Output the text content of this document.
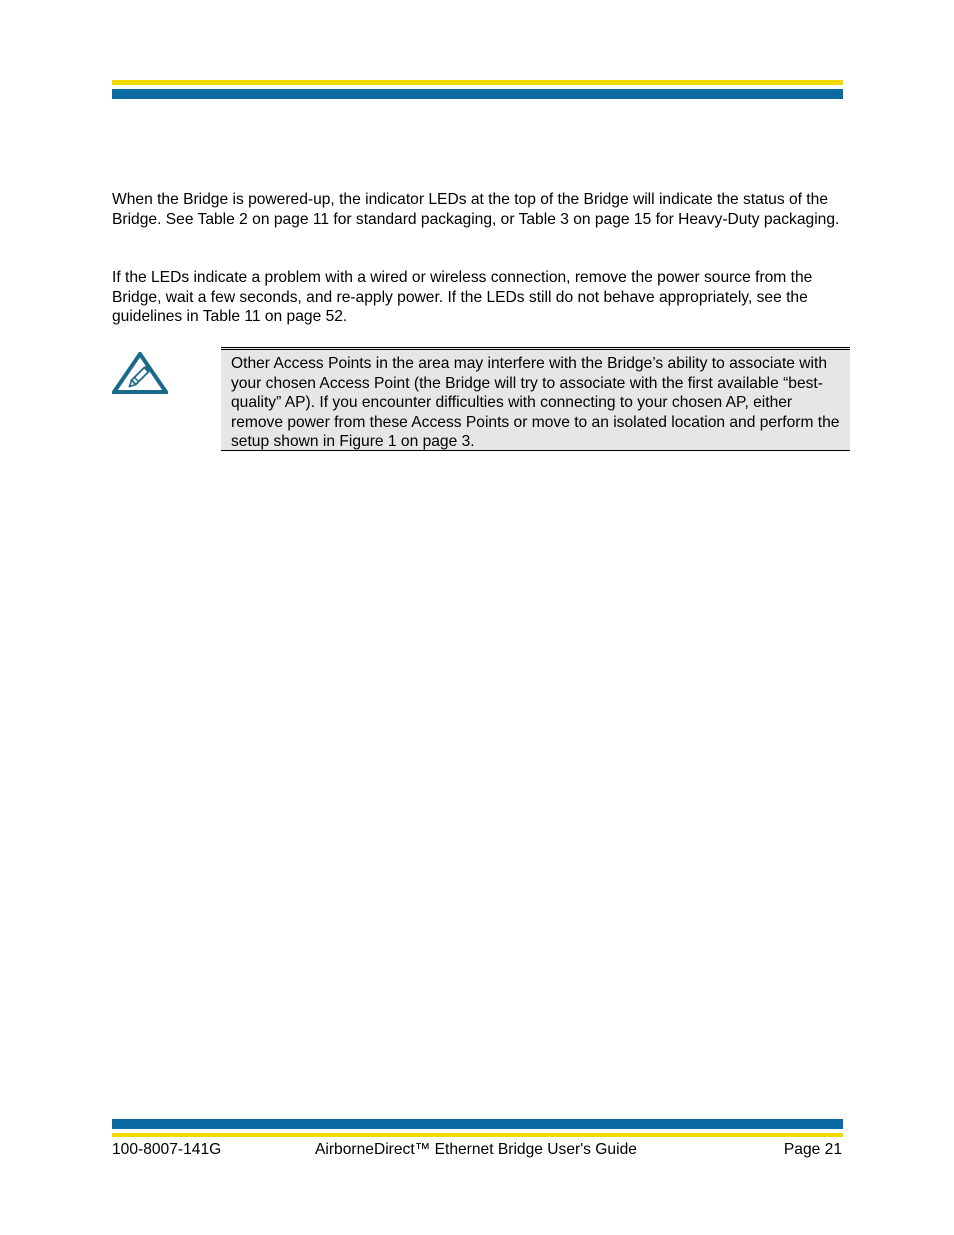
When the Bridge is powered-up, the indicator LEDs at the top of the Bridge will indicate the status of the Bridge. See Table 2 on page 11 for standard packaging, or Table 3 on page 15 for Heavy-Duty packaging.

If the LEDs indicate a problem with a wired or wireless connection, remove the power source from the Bridge, wait a few seconds, and re-apply power. If the LEDs still do not behave appropriately, see the guidelines in Table 11 on page 52.

Other Access Points in the area may interfere with the Bridge’s ability to associate with your chosen Access Point (the Bridge will try to associate with the first available “best-quality” AP). If you encounter difficulties with connecting to your chosen AP, either remove power from these Access Points or move to an isolated location and perform the setup shown in Figure 1 on page 3.

100-8007-141G	AirborneDirect™ Ethernet Bridge User's Guide	Page 21
